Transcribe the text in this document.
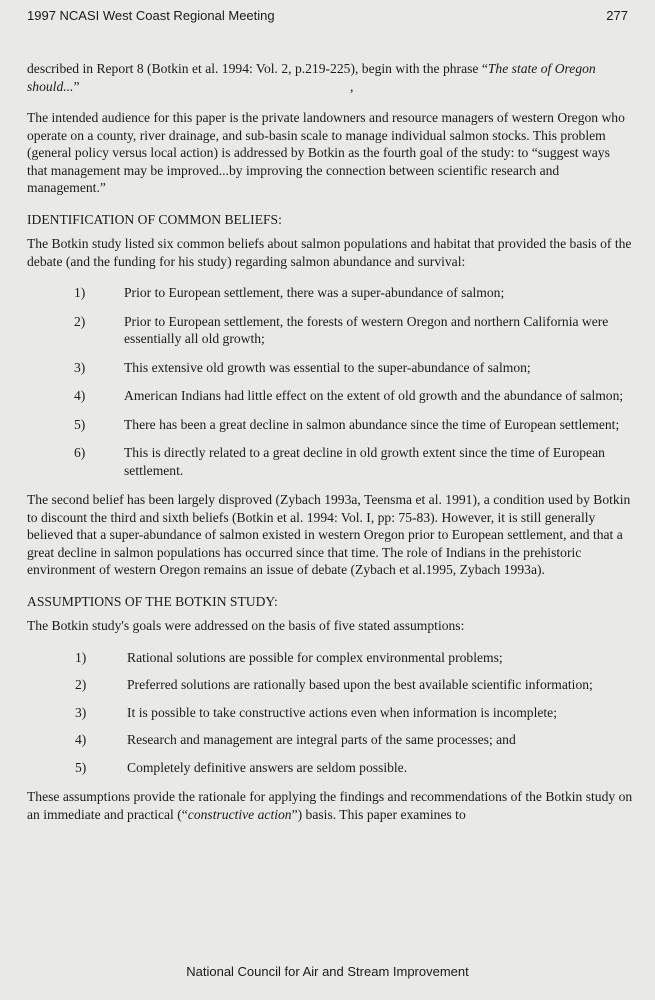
1997 NCASI West Coast Regional Meeting	277
,

described in Report 8 (Botkin et al. 1994: Vol. 2, p.219-225), begin with the phrase “The state of Oregon should...”

The intended audience for this paper is the private landowners and resource managers of western Oregon who operate on a county, river drainage, and sub-basin scale to manage individual salmon stocks. This problem (general policy versus local action) is addressed by Botkin as the fourth goal of the study: to “suggest ways that management may be improved...by improving the connection between scientific research and management.”

IDENTIFICATION OF COMMON BELIEFS:

The Botkin study listed six common beliefs about salmon populations and habitat that provided the basis of the debate (and the funding for his study) regarding salmon abundance and survival:

1)	Prior to European settlement, there was a super-abundance of salmon;
2)	Prior to European settlement, the forests of western Oregon and northern California were essentially all old growth;
3)	This extensive old growth was essential to the super-abundance of salmon;
4)	American Indians had little effect on the extent of old growth and the abundance of salmon;
5)	There has been a great decline in salmon abundance since the time of European settlement;
6)	This is directly related to a great decline in old growth extent since the time of European settlement.

The second belief has been largely disproved (Zybach 1993a, Teensma et al. 1991), a condition used by Botkin to discount the third and sixth beliefs (Botkin et al. 1994: Vol. I, pp: 75-83). However, it is still generally believed that a super-abundance of salmon existed in western Oregon prior to European settlement, and that a great decline in salmon populations has occurred since that time. The role of Indians in the prehistoric environment of western Oregon remains an issue of debate (Zybach et al.1995, Zybach 1993a).

ASSUMPTIONS OF THE BOTKIN STUDY:

The Botkin study's goals were addressed on the basis of five stated assumptions:

1)	Rational solutions are possible for complex environmental problems;
2)	Preferred solutions are rationally based upon the best available scientific information;
3)	It is possible to take constructive actions even when information is incomplete;
4)	Research and management are integral parts of the same processes; and
5)	Completely definitive answers are seldom possible.

These assumptions provide the rationale for applying the findings and recommendations of the Botkin study on an immediate and practical (“constructive action”) basis. This paper examines to

National Council for Air and Stream Improvement
